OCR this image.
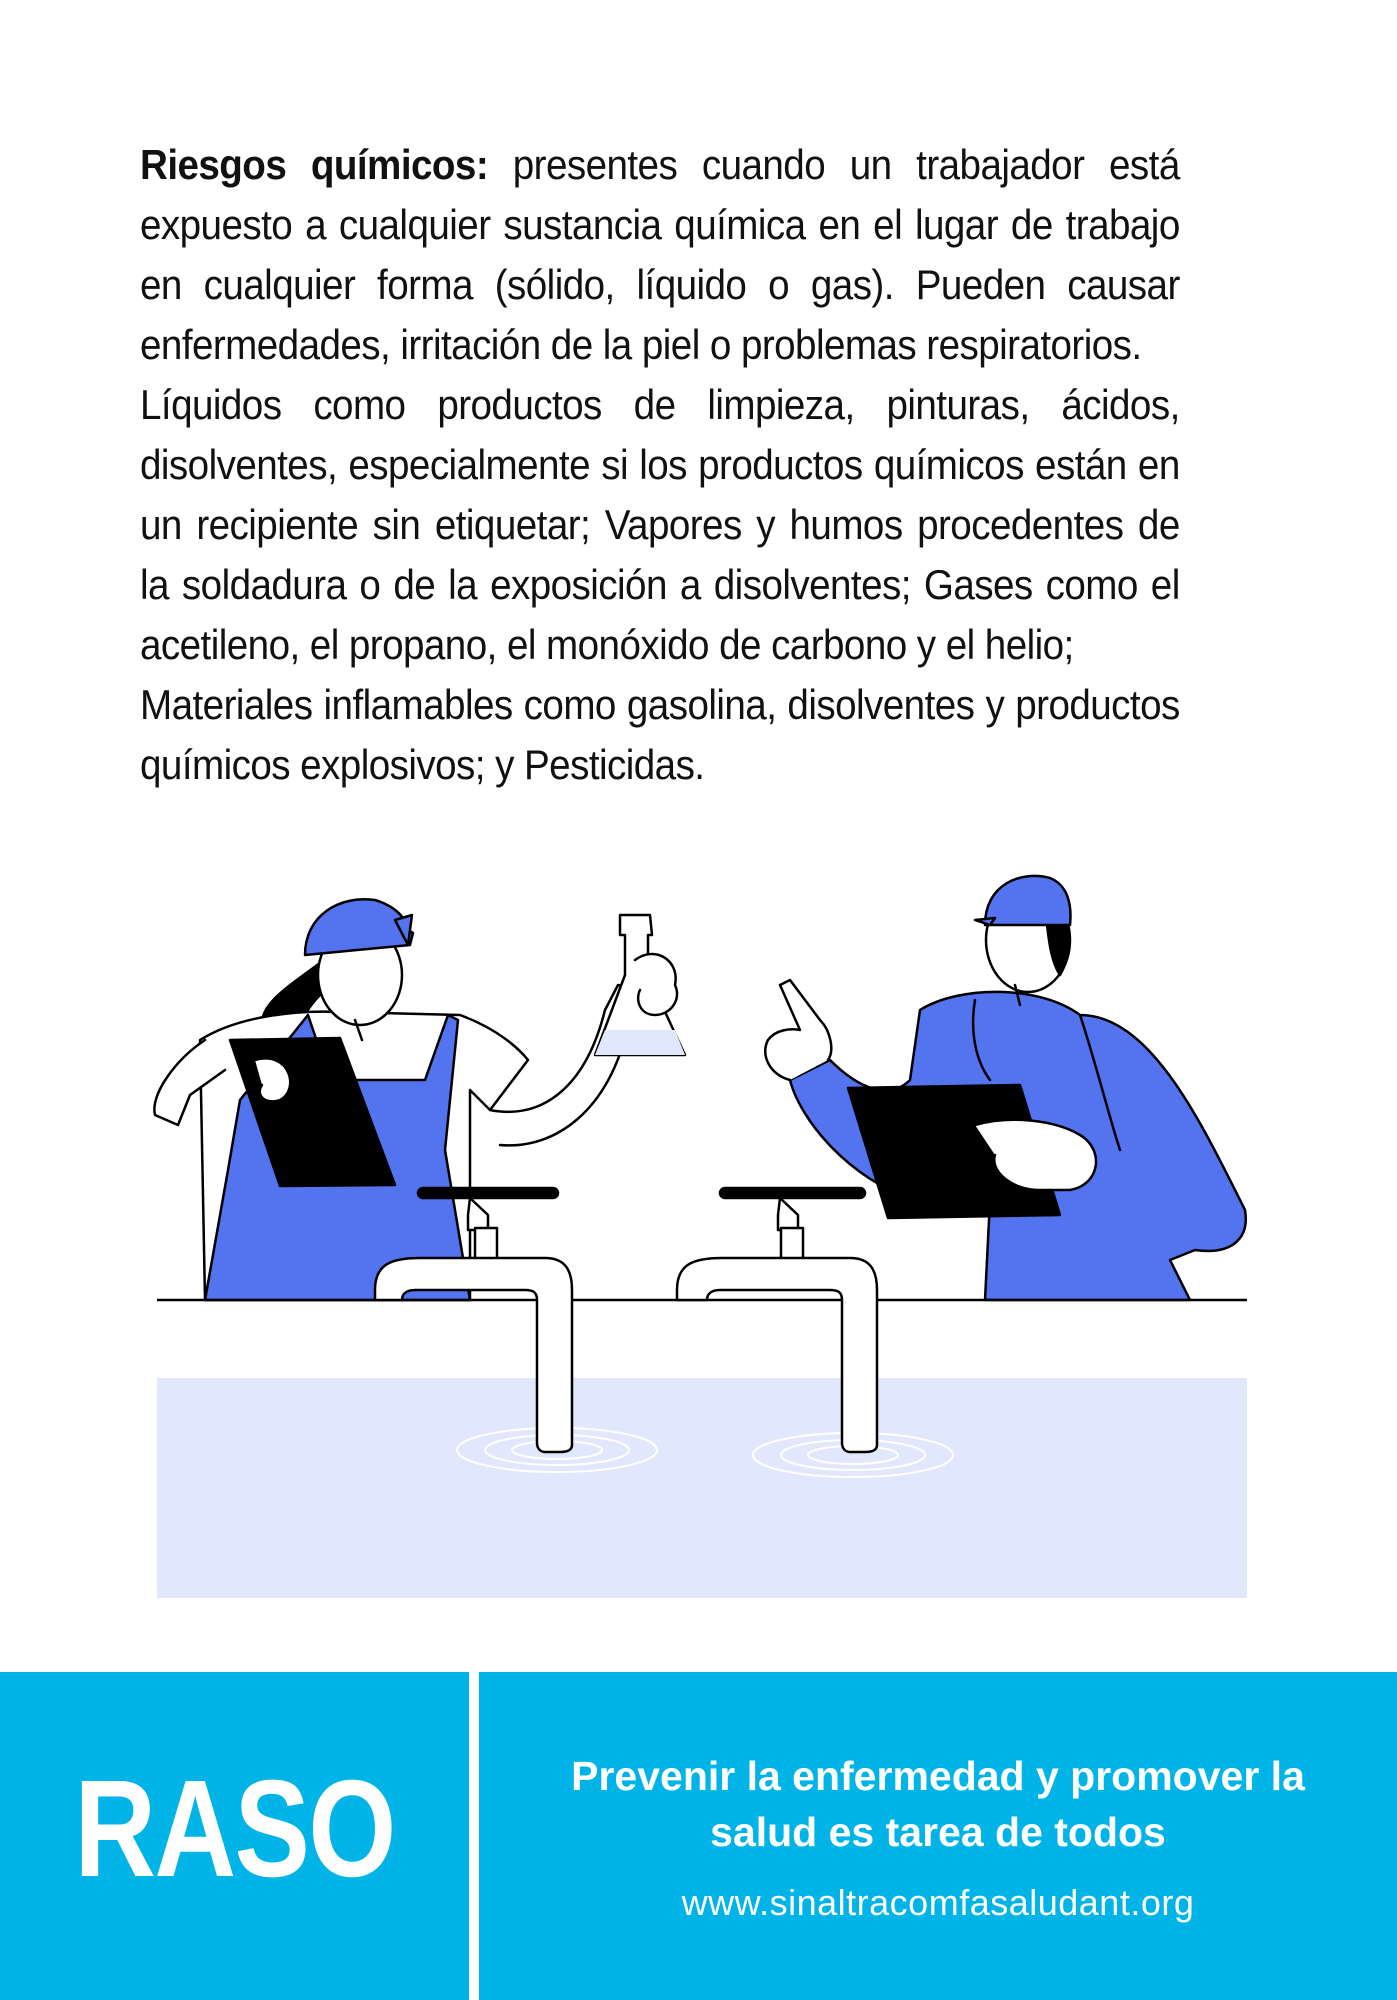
Riesgos químicos: presentes cuando un trabajador está expuesto a cualquier sustancia química en el lugar de trabajo en cualquier forma (sólido, líquido o gas). Pueden causar enfermedades, irritación de la piel o problemas respiratorios.

Líquidos como productos de limpieza, pinturas, ácidos, disolventes, especialmente si los productos químicos están en un recipiente sin etiquetar; Vapores y humos procedentes de la soldadura o de la exposición a disolventes; Gases como el acetileno, el propano, el monóxido de carbono y el helio;

Materiales inflamables como gasolina, disolventes y productos químicos explosivos; y Pesticidas.

RASO	Prevenir la enfermedad y promover la
salud es tarea de todos
www.sinaltracomfasaludant.org
